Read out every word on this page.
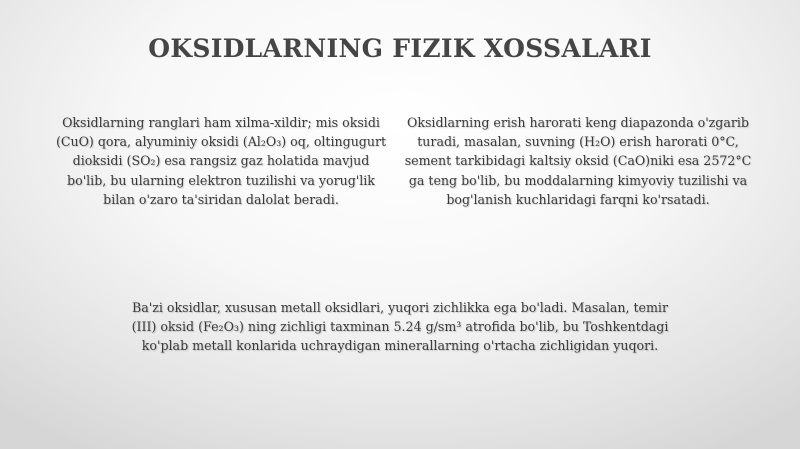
OKSIDLARNING FIZIK XOSSALARI

Oksidlarning ranglari ham xilma-xildir; mis oksidi (CuO) qora, alyuminiy oksidi (Al₂O₃) oq, oltingugurt dioksidi (SO₂) esa rangsiz gaz holatida mavjud bo'lib, bu ularning elektron tuzilishi va yorug'lik bilan o'zaro ta'siridan dalolat beradi.

Oksidlarning erish harorati keng diapazonda o'zgarib turadi, masalan, suvning (H₂O) erish harorati 0°C, sement tarkibidagi kaltsiy oksid (CaO)niki esa 2572°C ga teng bo'lib, bu moddalarning kimyoviy tuzilishi va bog'lanish kuchlaridagi farqni ko'rsatadi.

Ba'zi oksidlar, xususan metall oksidlari, yuqori zichlikka ega bo'ladi. Masalan, temir (III) oksid (Fe₂O₃) ning zichligi taxminan 5.24 g/sm³ atrofida bo'lib, bu Toshkentdagi ko'plab metall konlarida uchraydigan minerallarning o'rtacha zichligidan yuqori.
